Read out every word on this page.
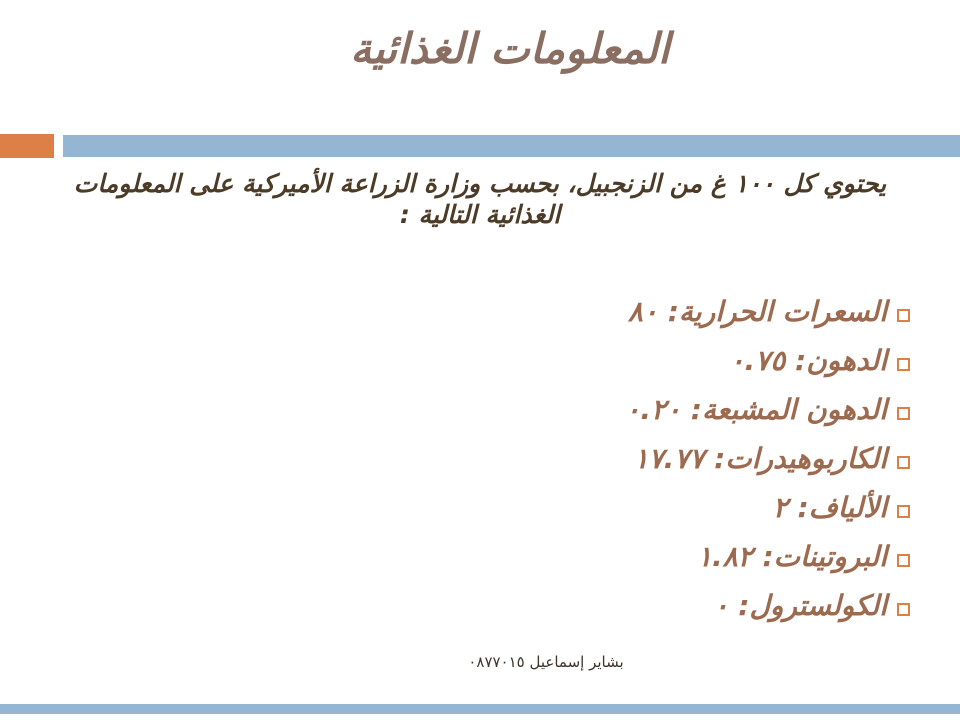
المعلومات الغذائية
يحتوي كل ١٠٠ غ من الزنجبيل، بحسب وزارة الزراعة الأميركية على المعلومات
الغذائية التالية :
السعرات الحرارية: ٨٠
الدهون: ٠.٧٥
الدهون المشبعة: ٠.٢٠
الكاربوهيدرات: ١٧.٧٧
الألياف: ٢
البروتينات: ١.٨٢
الكولسترول: ٠
بشاير إسماعيل ٠٨٧٧٠١٥
